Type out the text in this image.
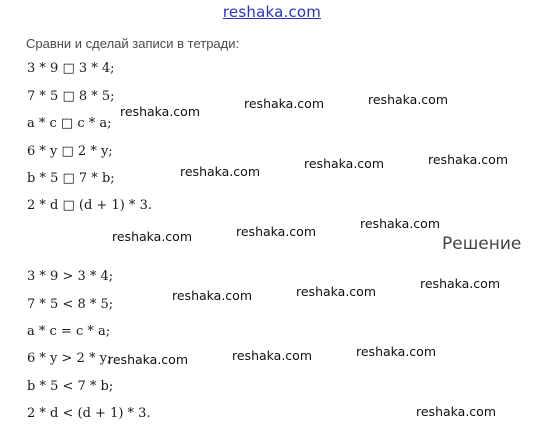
reshaka.com
Сравни и сделай записи в тетради:
3 * 9 □ 3 * 4;
7 * 5 □ 8 * 5;
a * c □ c * a;
6 * y □ 2 * y;
b * 5 □ 7 * b;
2 * d □ (d + 1) * 3.
Решение
3 * 9 > 3 * 4;
7 * 5 < 8 * 5;
a * c = c * a;
6 * y > 2 * y;
b * 5 < 7 * b;
2 * d < (d + 1) * 3.
reshaka.com
reshaka.com	reshaka.com
reshaka.com
reshaka.com	reshaka.com
reshaka.com	reshaka.com
reshaka.com
reshaka.com	reshaka.com
reshaka.com
reshaka.com	reshaka.com	reshaka.com
reshaka.com
